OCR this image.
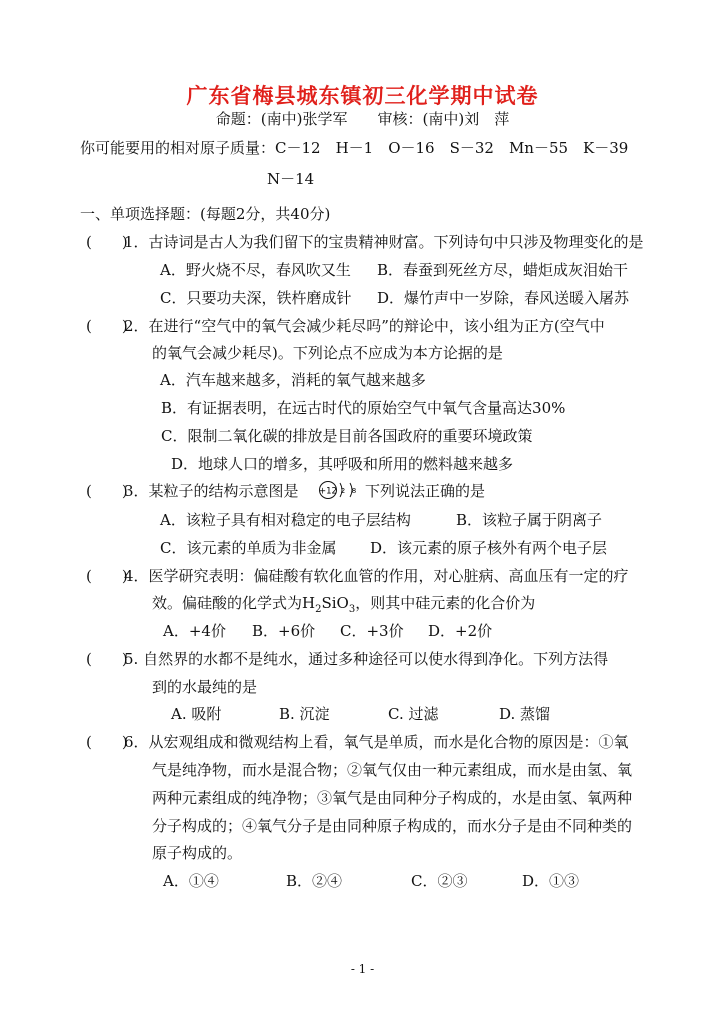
广东省梅县城东镇初三化学期中试卷
命题：(南中)张学军　　审核：(南中)刘　萍
你可能要用的相对原子质量：C－12　H－1　O－16　S－32　Mn－55　K－39
N－14
一、单项选择题：(每题2分，共40分)
(　　)
1．古诗词是古人为我们留下的宝贵精神财富。下列诗句中只涉及物理变化的是
A．野火烧不尽，春风吹又生 B．春蚕到死丝方尽，蜡炬成灰泪始干
C．只要功夫深，铁杵磨成针 D．爆竹声中一岁除，春风送暖入屠苏
(　　)
2．在进行“空气中的氧气会减少耗尽吗”的辩论中，该小组为正方(空气中
的氧气会减少耗尽)。下列论点不应成为本方论据的是
A．汽车越来越多，消耗的氧气越来越多
B．有证据表明，在远古时代的原始空气中氧气含量高达30%
C．限制二氧化碳的排放是目前各国政府的重要环境政策
D．地球人口的增多，其呼吸和所用的燃料越来越多
(　　)
3．某粒子的结构示意图是 +12 2 8 下列说法正确的是
A．该粒子具有相对稳定的电子层结构	B．该粒子属于阴离子
C．该元素的单质为非金属 D．该元素的原子核外有两个电子层
(　　)
4．医学研究表明：偏硅酸有软化血管的作用，对心脏病、高血压有一定的疗
效。偏硅酸的化学式为$H_2SiO_3$，则其中硅元素的化合价为
A．+4价 B．+6价 C．+3价 D．+2价
(　　)
5. 自然界的水都不是纯水，通过多种途径可以使水得到净化。下列方法得
到的水最纯的是
A. 吸附	B. 沉淀	C. 过滤	D. 蒸馏
(　　)
6．从宏观组成和微观结构上看，氧气是单质，而水是化合物的原因是：①氧
气是纯净物，而水是混合物；②氧气仅由一种元素组成，而水是由氢、氧
两种元素组成的纯净物；③氧气是由同种分子构成的，水是由氢、氧两种
分子构成的；④氧气分子是由同种原子构成的，而水分子是由不同种类的
原子构成的。
A．①④	B．②④	C．②③	D．①③
- 1 -
